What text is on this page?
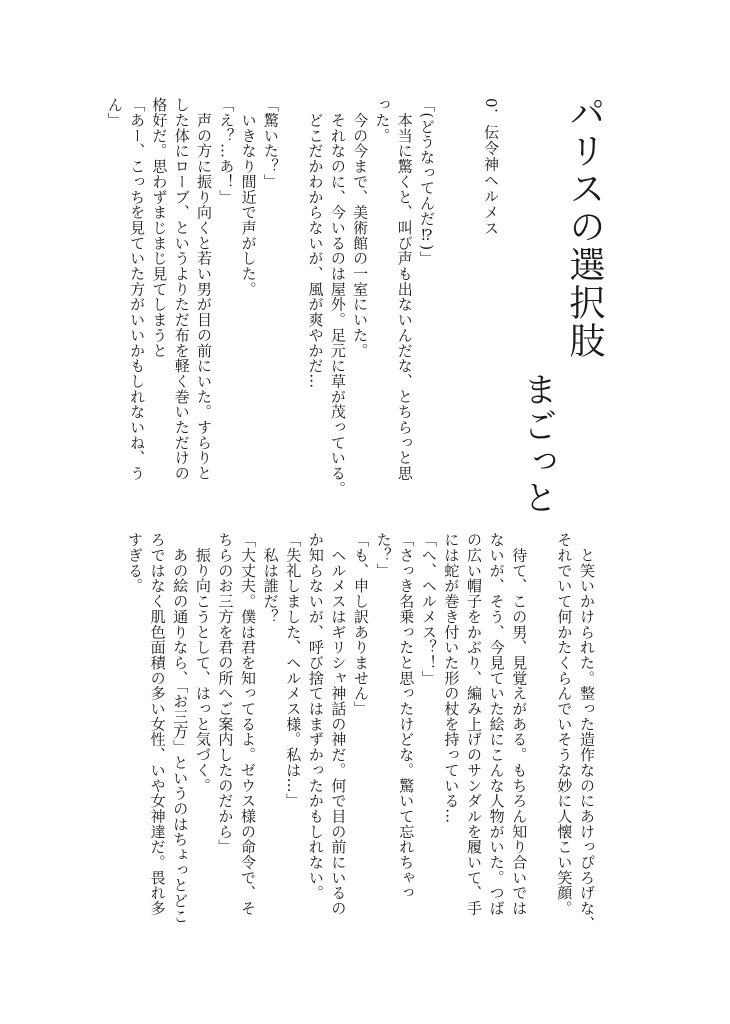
パリスの選択肢
まごっと
0．伝令神ヘルメス
「(どうなってんだ⁉)」
　本当に驚くと、叫び声も出ないんだな、とちらっと思
った。
　今の今まで、美術館の一室にいた。
　それなのに、今いるのは屋外。足元に草が茂っている。
　どこだかわからないが、風が爽やかだ…
「驚いた？」
　いきなり間近で声がした。
「え？…あ！」
　声の方に振り向くと若い男が目の前にいた。すらりと
した体にローブ、というよりただ布を軽く巻いただけの
格好だ。思わずまじまじ見てしまうと
「あー、こっちを見ていた方がいいかもしれないね、う
ん」
　と笑いかけられた。整った造作なのにあけっぴろげな、
それでいて何かたくらんでいそうな妙に人懐こい笑顔。
　待て、この男、見覚えがある。もちろん知り合いでは
ないが、そう、今見ていた絵にこんな人物がいた。つば
の広い帽子をかぶり、編み上げのサンダルを履いて、手
には蛇が巻き付いた形の杖を持っている…
「へ、ヘルメス？！」
「さっき名乗ったと思ったけどな。驚いて忘れちゃっ
た？」
「も、申し訳ありません」
　ヘルメスはギリシャ神話の神だ。何で目の前にいるの
か知らないが、呼び捨てはまずかったかもしれない。
「失礼しました、ヘルメス様。私は…」
　私は誰だ？
「大丈夫。僕は君を知ってるよ。ゼウス様の命令で、そ
ちらのお三方を君の所へご案内したのだから」
　振り向こうとして、はっと気づく。
　あの絵の通りなら、「お三方」というのはちょっとどこ
ろではなく肌色面積の多い女性、いや女神達だ。畏れ多
すぎる。
